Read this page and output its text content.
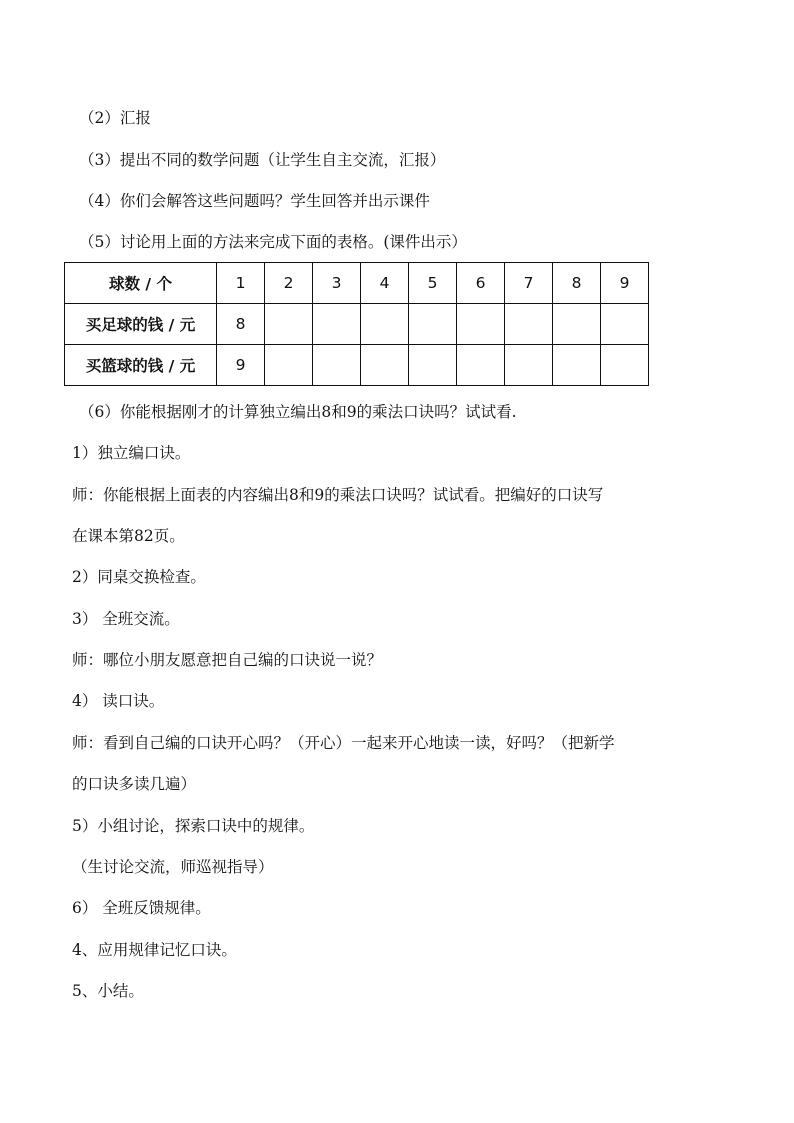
（2）汇报

（3）提出不同的数学问题（让学生自主交流，汇报）

（4）你们会解答这些问题吗？学生回答并出示课件

（5）讨论用上面的方法来完成下面的表格。(课件出示）

球数 / 个	1	2	3	4	5	6	7	8	9
买足球的钱 / 元	8								
买篮球的钱 / 元	9								

（6）你能根据刚才的计算独立编出8和9的乘法口诀吗？试试看.

1）独立编口诀。

师：你能根据上面表的内容编出8和9的乘法口诀吗？试试看。把编好的口诀写

在课本第82页。

2）同桌交换检查。

3） 全班交流。

师：哪位小朋友愿意把自己编的口诀说一说？

4） 读口诀。

师：看到自己编的口诀开心吗？（开心）一起来开心地读一读，好吗？（把新学

的口诀多读几遍）

5）小组讨论，探索口诀中的规律。

（生讨论交流，师巡视指导）

6） 全班反馈规律。

4、应用规律记忆口诀。

5、小结。
